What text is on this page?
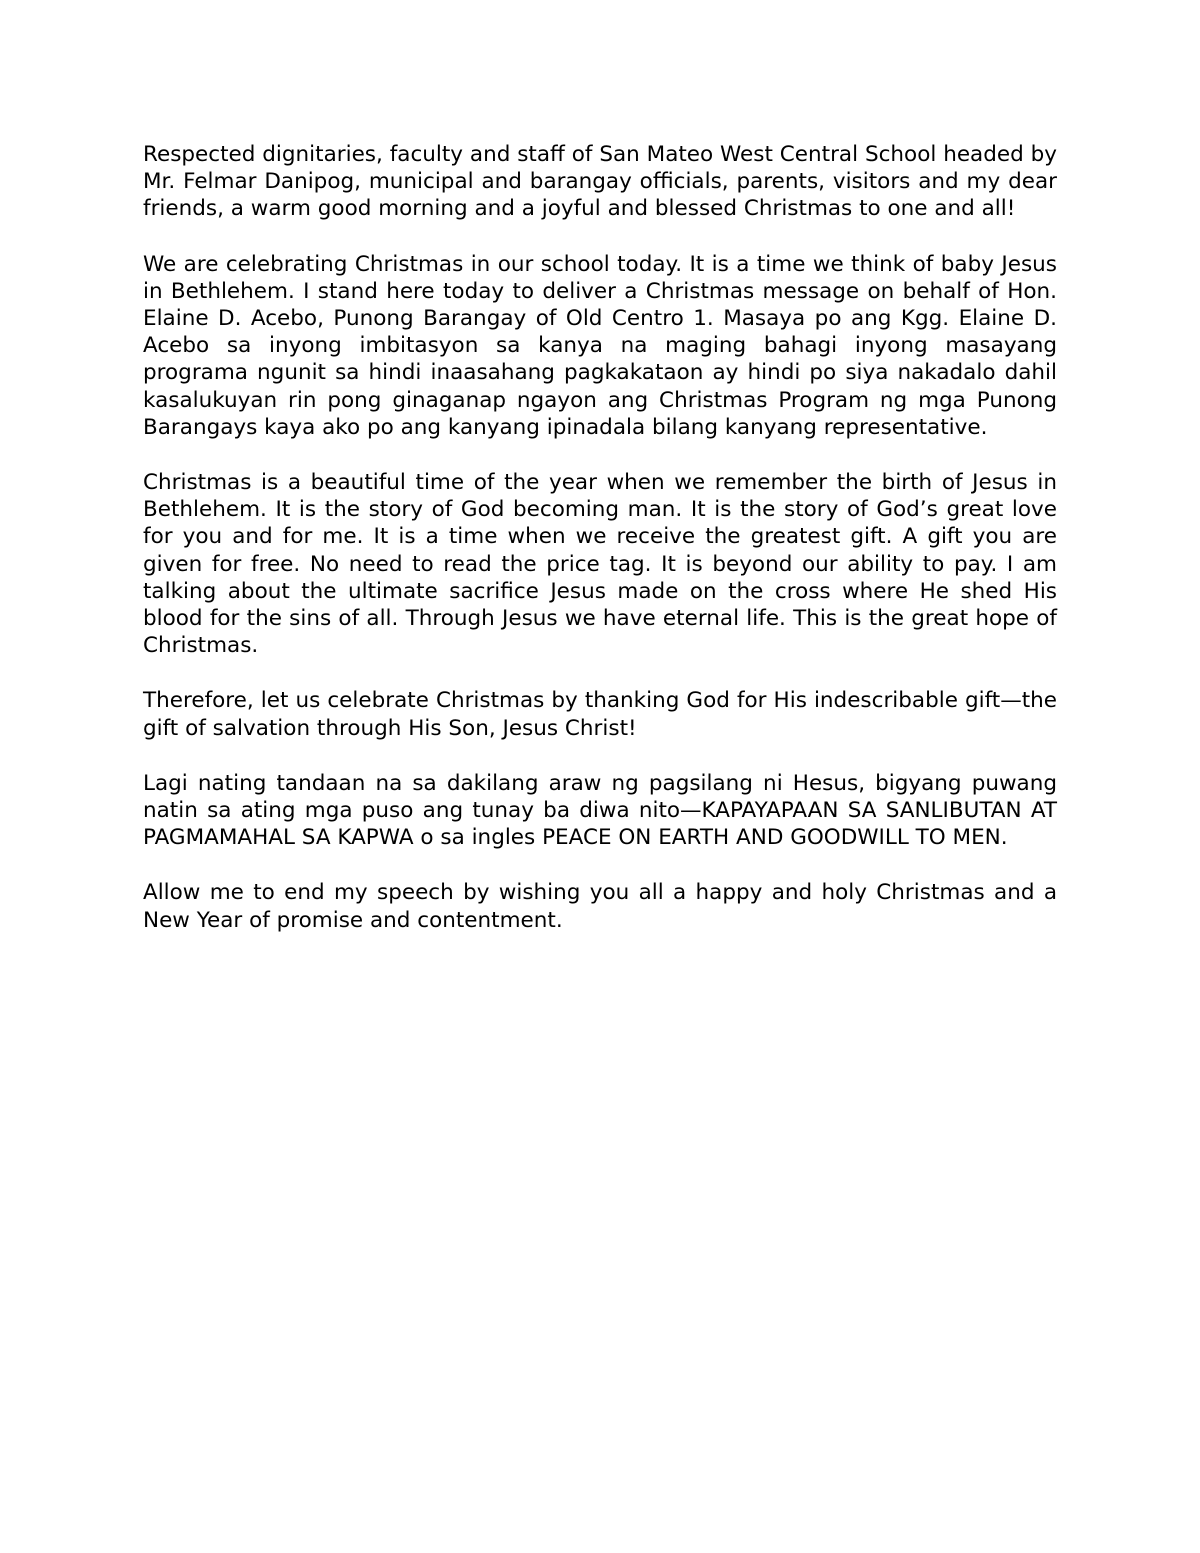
Respected dignitaries, faculty and staff of San Mateo West Central School headed by Mr. Felmar Danipog, municipal and barangay officials, parents, visitors and my dear friends, a warm good morning and a joyful and blessed Christmas to one and all!

We are celebrating Christmas in our school today. It is a time we think of baby Jesus in Bethlehem. I stand here today to deliver a Christmas message on behalf of Hon. Elaine D. Acebo, Punong Barangay of Old Centro 1. Masaya po ang Kgg. Elaine D. Acebo sa inyong imbitasyon sa kanya na maging bahagi inyong masayang programa ngunit sa hindi inaasahang pagkakataon ay hindi po siya nakadalo dahil kasalukuyan rin pong ginaganap ngayon ang Christmas Program ng mga Punong Barangays kaya ako po ang kanyang ipinadala bilang kanyang representative.

Christmas is a beautiful time of the year when we remember the birth of Jesus in Bethlehem. It is the story of God becoming man. It is the story of God’s great love for you and for me. It is a time when we receive the greatest gift. A gift you are given for free. No need to read the price tag. It is beyond our ability to pay. I am talking about the ultimate sacrifice Jesus made on the cross where He shed His blood for the sins of all. Through Jesus we have eternal life. This is the great hope of Christmas.

Therefore, let us celebrate Christmas by thanking God for His indescribable gift—the gift of salvation through His Son, Jesus Christ!

Lagi nating tandaan na sa dakilang araw ng pagsilang ni Hesus, bigyang puwang natin sa ating mga puso ang tunay ba diwa nito—KAPAYAPAAN SA SANLIBUTAN AT PAGMAMAHAL SA KAPWA o sa ingles PEACE ON EARTH AND GOODWILL TO MEN.

Allow me to end my speech by wishing you all a happy and holy Christmas and a New Year of promise and contentment.
